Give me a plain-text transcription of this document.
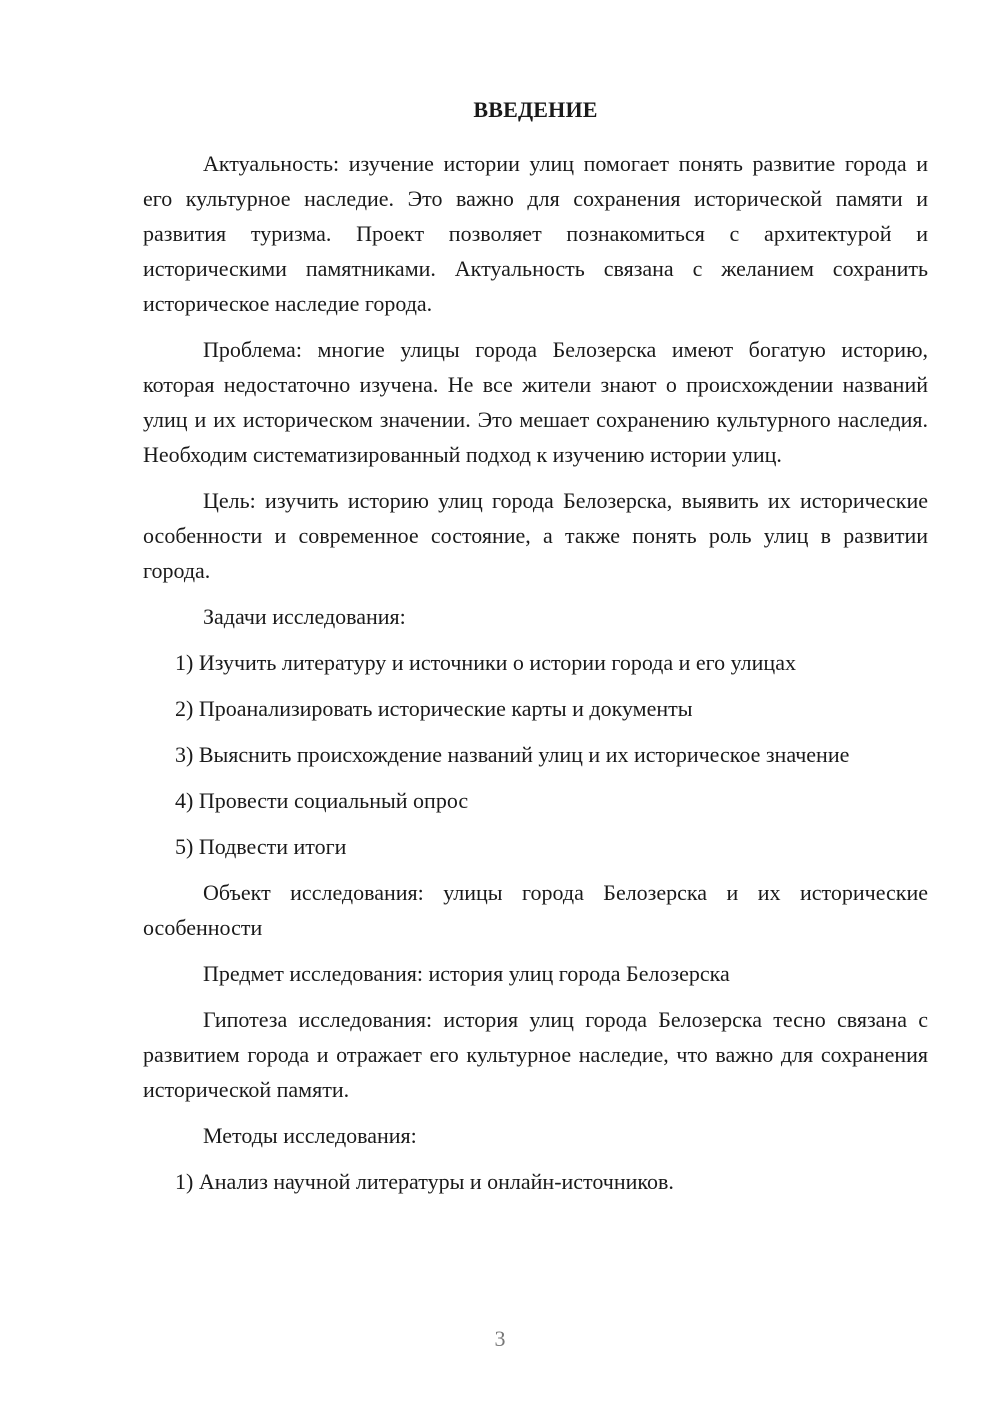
ВВЕДЕНИЕ

Актуальность: изучение истории улиц помогает понять развитие города и его культурное наследие. Это важно для сохранения исторической памяти и развития туризма. Проект позволяет познакомиться с архитектурой и историческими памятниками. Актуальность связана с желанием сохранить историческое наследие города.

Проблема: многие улицы города Белозерска имеют богатую историю, которая недостаточно изучена. Не все жители знают о происхождении названий улиц и их историческом значении. Это мешает сохранению культурного наследия. Необходим систематизированный подход к изучению истории улиц.

Цель: изучить историю улиц города Белозерска, выявить их исторические особенности и современное состояние, а также понять роль улиц в развитии города.

Задачи исследования:

1) Изучить литературу и источники о истории города и его улицах

2) Проанализировать исторические карты и документы

3) Выяснить происхождение названий улиц и их историческое значение

4) Провести социальный опрос

5) Подвести итоги

Объект исследования: улицы города Белозерска и их исторические особенности

Предмет исследования: история улиц города Белозерска

Гипотеза исследования: история улиц города Белозерска тесно связана с развитием города и отражает его культурное наследие, что важно для сохранения исторической памяти.

Методы исследования:

1) Анализ научной литературы и онлайн-источников.

3
